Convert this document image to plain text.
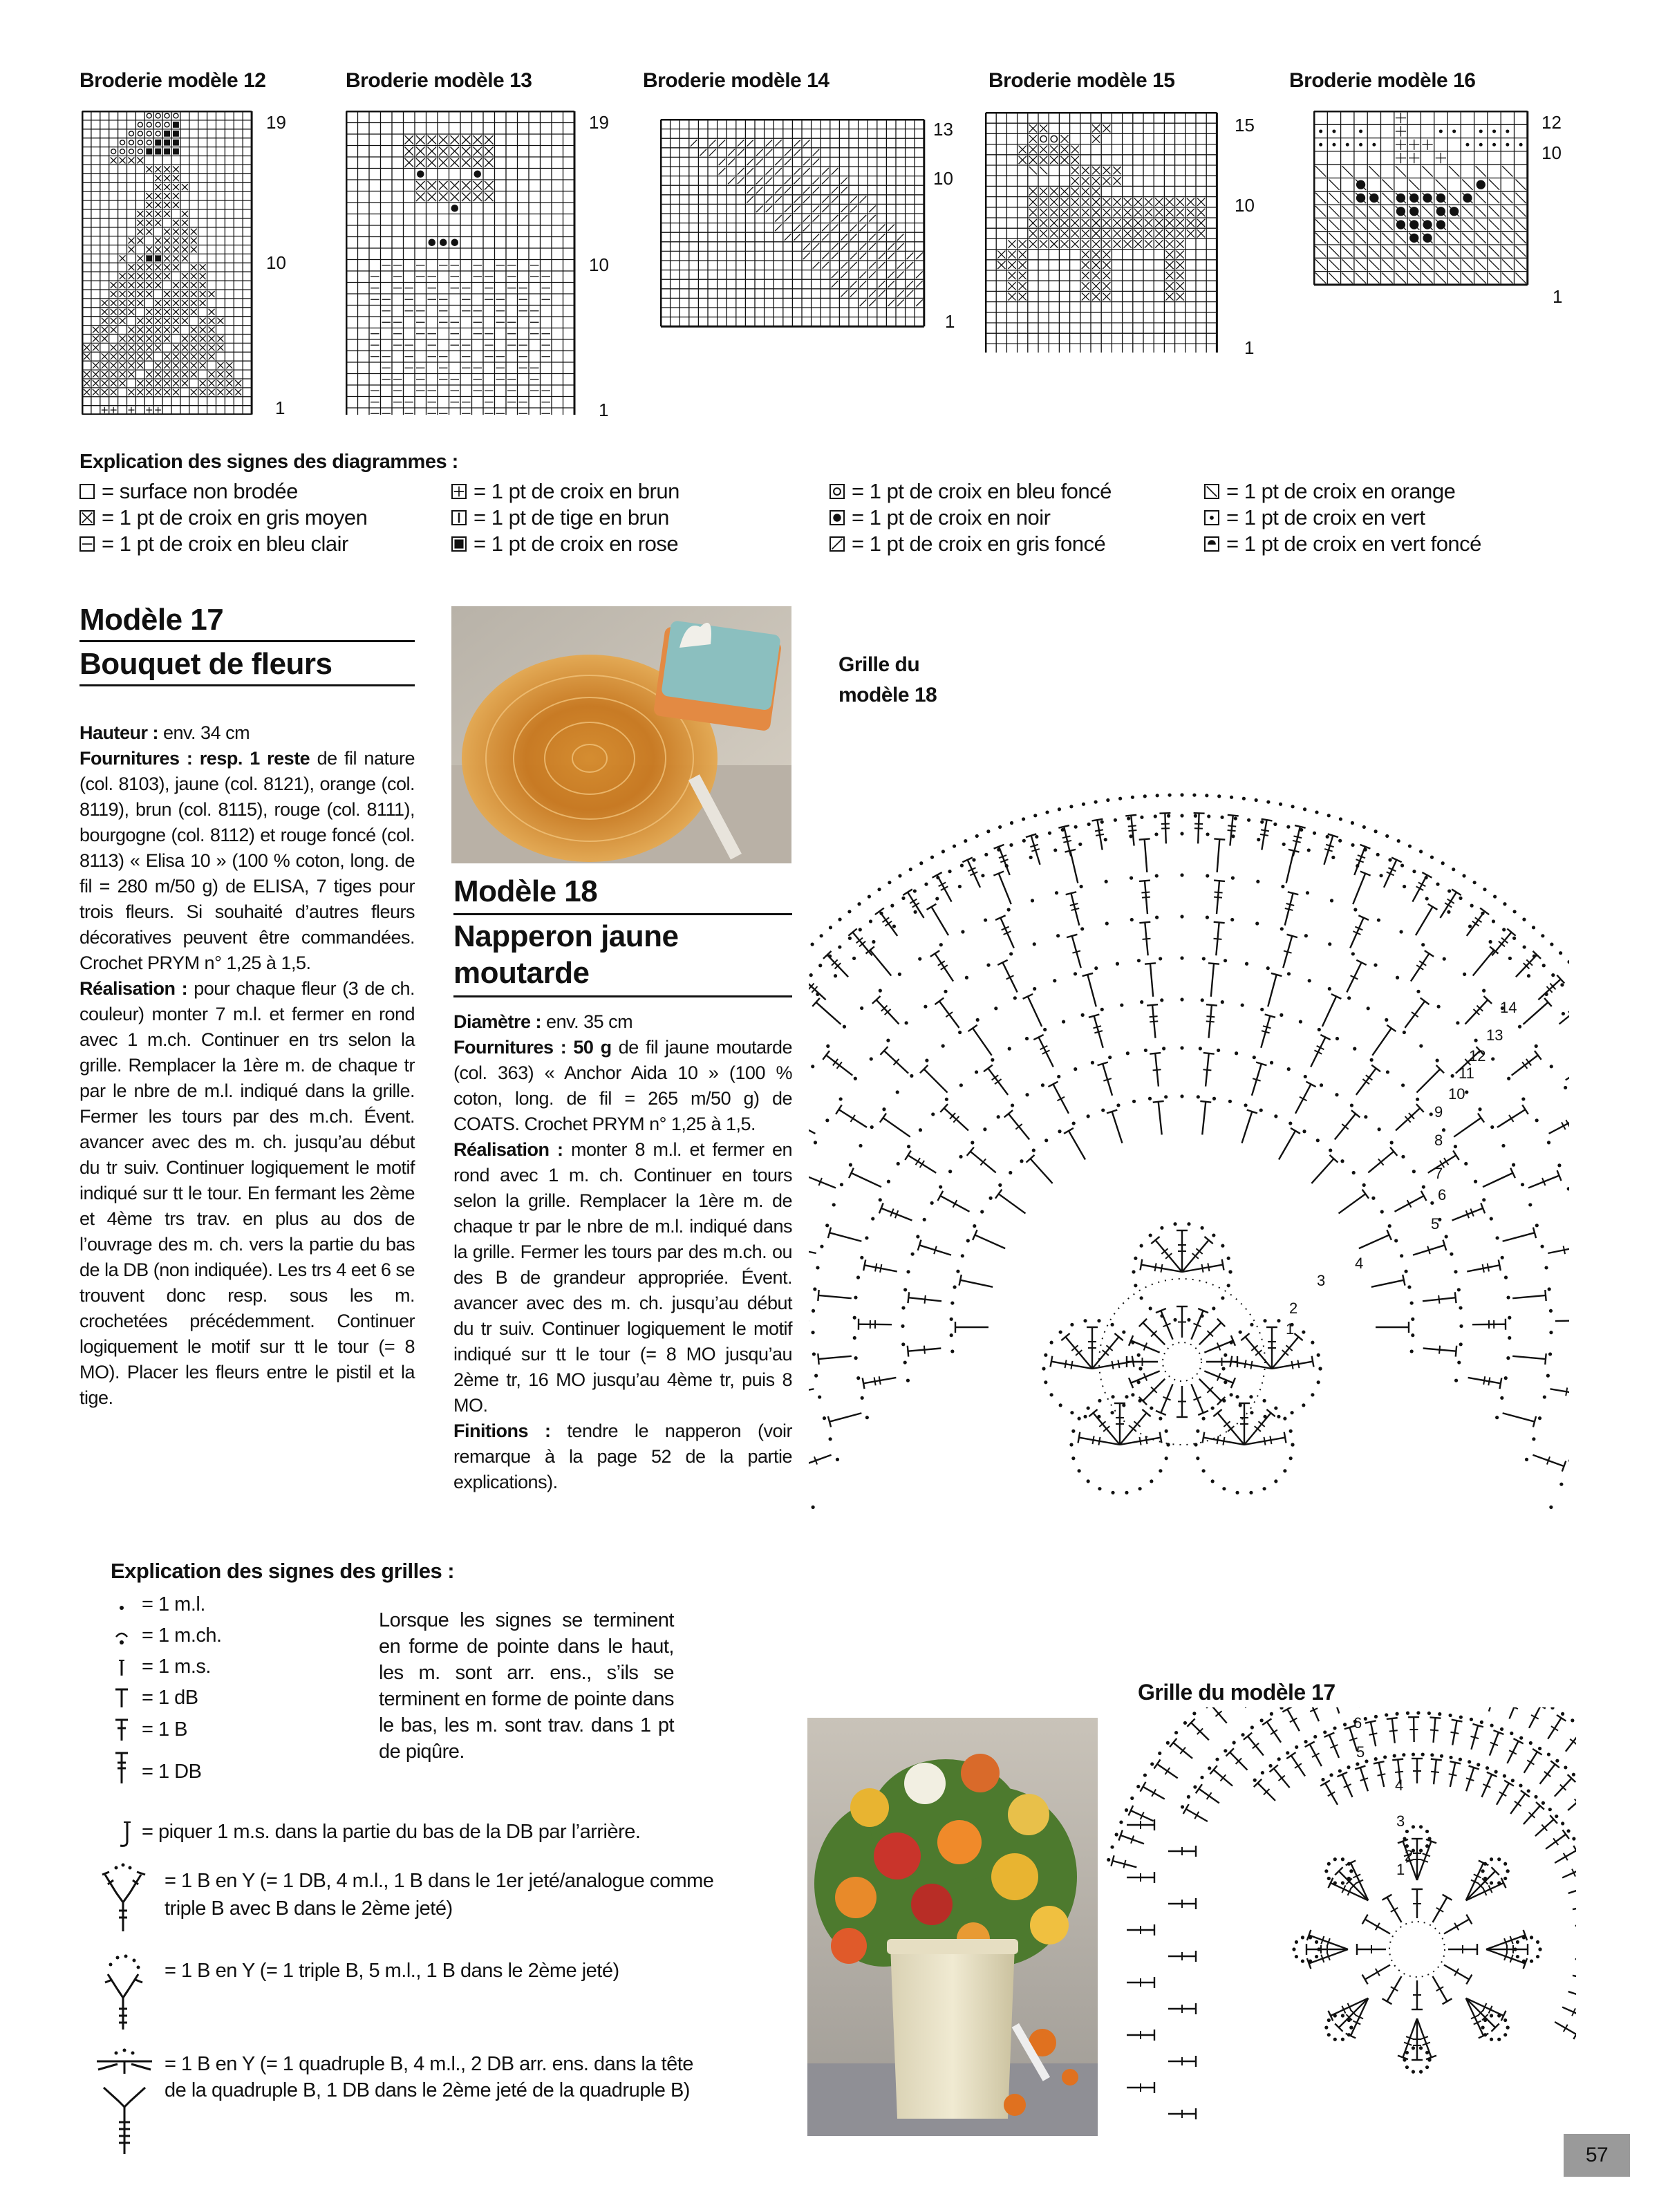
Broderie modèle 12	Broderie modèle 13	Broderie modèle 14	Broderie modèle 15	Broderie modèle 16
19
10
1
19
10
1
13
10
1
15
10
1
12
10
1
Explication des signes des diagrammes :
= surface non brodée
= 1 pt de croix en gris moyen
= 1 pt de croix en bleu clair
= 1 pt de croix en brun
= 1 pt de tige en brun
= 1 pt de croix en rose
= 1 pt de croix en bleu foncé
= 1 pt de croix en noir
= 1 pt de croix en gris foncé
= 1 pt de croix en orange
= 1 pt de croix en vert
= 1 pt de croix en vert foncé
Modèle 17
Bouquet de fleurs
Hauteur : env. 34 cm
Fournitures : resp. 1 reste de fil nature (col. 8103), jaune (col. 8121), orange (col. 8119), brun (col. 8115), rouge (col. 8111), bourgogne (col. 8112) et rouge foncé (col. 8113) « Elisa 10 » (100 % coton, long. de fil = 280 m/50 g) de ELISA, 7 tiges pour trois fleurs. Si souhaité d’autres fleurs décoratives peuvent être commandées. Crochet PRYM n° 1,25 à 1,5.
Réalisation : pour chaque fleur (3 de ch. couleur) monter 7 m.l. et fermer en rond avec 1 m.ch. Continuer en trs selon la grille. Remplacer la 1ère m. de chaque tr par le nbre de m.l. indiqué dans la grille. Fermer les tours par des m.ch. Évent. avancer avec des m. ch. jusqu’au début du tr suiv. Continuer logiquement le motif indiqué sur tt le tour. En fermant les 2ème et 4ème trs trav. en plus au dos de l’ouvrage des m. ch. vers la partie du bas de la DB (non indiquée). Les trs 4 eet 6 se trouvent donc resp. sous les m. crochetées précédemment. Continuer logiquement le motif sur tt le tour (= 8 MO). Placer les fleurs entre le pistil et la tige.
Modèle 18
Napperon jaune
moutarde
Diamètre : env. 35 cm
Fournitures : 50 g de fil jaune moutarde (col. 363) « Anchor Aida 10 » (100 % coton, long. de fil = 265 m/50 g) de COATS. Crochet PRYM n° 1,25 à 1,5.
Réalisation : monter 8 m.l. et fermer en rond avec 1 m. ch. Continuer en tours selon la grille. Remplacer la 1ère m. de chaque tr par le nbre de m.l. indiqué dans la grille. Fermer les tours par des m.ch. ou des B de grandeur appropriée. Évent. avancer avec des m. ch. jusqu’au début du tr suiv. Continuer logiquement le motif indiqué sur tt le tour (= 8 MO jusqu’au 2ème tr, 16 MO jusqu’au 4ème tr, puis 8 MO.
Finitions : tendre le napperon (voir remarque à la page 52 de la partie explications).
Grille du
modèle 18
14
13
12
11
10
9
8
7
6
5
4
3
2
1
Explication des signes des grilles :
= 1 m.l.
= 1 m.ch.
= 1 m.s.
= 1 dB
= 1 B
= 1 DB
Lorsque les signes se terminent en forme de pointe dans le haut, les m. sont arr. ens., s’ils se terminent en forme de pointe dans le bas, les m. sont trav. dans 1 pt de piqûre.
= piquer 1 m.s. dans la partie du bas de la DB par l’arrière.
= 1 B en Y (= 1 DB, 4 m.l., 1 B dans le 1er jeté/analogue comme
triple B avec B dans le 2ème jeté)
= 1 B en Y (= 1 triple B, 5 m.l., 1 B dans le 2ème jeté)
= 1 B en Y (= 1 quadruple B, 4 m.l., 2 DB arr. ens. dans la tête
de la quadruple B, 1 DB dans le 2ème jeté de la quadruple B)
Grille du modèle 17
6
5
4
3
2
1
57
